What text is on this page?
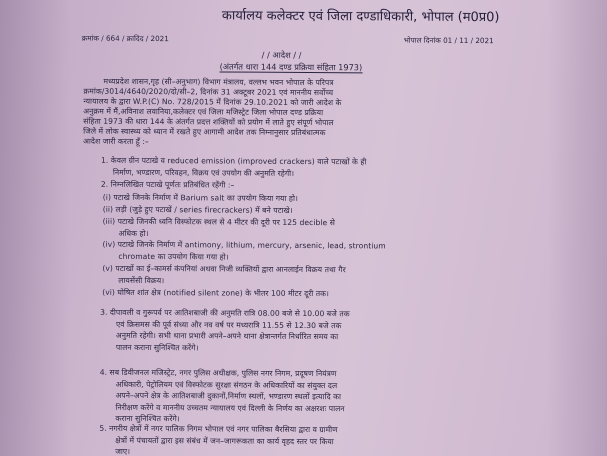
कार्यालय कलेक्टर एवं जिला दण्डाधिकारी, भोपाल (म0प्र0)
क्रमांक / 664 / क्रादिद / 2021	भोपाल दिनांक 01 / 11 / 2021
/ / आदेश / /
(अंतर्गत धारा 144 दण्ड प्रक्रिया संहिता 1973)
मध्यप्रदेश शासन,गृह (सी–अनुभाग) विभाग मंत्रालय, वल्लभ भवन भोपाल के परिपत्र
क्रमांक/3014/4640/2020/दो/सी–2, दिनांक 31 अक्टूबर 2021 एवं माननीय सर्वोच्च
न्यायालय के द्वारा W.P.(C) No. 728/2015 में दिनांक 29.10.2021 को जारी आदेश के
अनुक्रम में मैं,अविनाश लवानिया,कलेक्टर एवं जिला मजिस्ट्रेट जिला भोपाल दण्ड प्रक्रिया
संहिता 1973 की धारा 144 के अंतर्गत प्रदत्त शक्तियों को प्रयोग में लाते हुए संपूर्ण भोपाल
जिले में लोक स्वास्थ्य को ध्यान में रखते हुए आगामी आदेश तक निम्नानुसार प्रतिबंधात्मक
आदेश जारी करता हूँ :–
1. केवल ग्रीन पटाखे व reduced emission (improved crackers) वाले पटाखों के ही
निर्माण, भण्डारण, परिवहन, विक्रय एवं उपयोग की अनुमति रहेगी।
2. निम्नलिखित पटाखे पूर्णतः प्रतिबंधित रहेंगी :–
(i) पटाखे जिनके निर्माण में Barium salt का उपयोग किया गया हो।
(ii) लड़ी (जुड़े हुए पटाखें / series firecrackers) में बने पटाखे।
(iii) पटाखे जिनकी ध्वनि विस्फोटक स्थल से 4 मीटर की दूरी पर 125 decible से
अधिक हो।
(iv) पटाखे जिनके निर्माण में antimony, lithium, mercury, arsenic, lead, strontium
chromate का उपयोग किया गया हो।
(v) पटाखों का ई–कामर्स कंपनियां अथवा निजी व्यक्तियों द्वारा आनलाईन विक्रय तथा गैर
लायसेंसी विक्रय।
(vi) घोषित शांत क्षेत्र (notified silent zone) के भीतर 100 मीटर दूरी तक।
3. दीपावली व गुरूपर्व पर आतिशबाजी की अनुमति रात्रि 08.00 बजे से 10.00 बजे तक
एवं क्रिसमस की पूर्व संध्या और नव वर्ष पर मध्यरात्रि 11.55 से 12.30 बजे तक
अनुमति रहेगी। सभी थाना प्रभारी अपने–अपने थाना क्षेत्रान्तर्गत निर्धारित समय का
पालन कराना सुनिश्चित करेंगे।
4. सब डिवीजनल मजिस्ट्रेट, नगर पुलिस अधीक्षक, पुलिस नगर निगम, प्रदूषण नियंत्रण
अधिकारी, पेट्रोलियम एवं विस्फोटक सुरक्षा संगठन के अधिकारियों का संयुक्त दल
अपने–अपने क्षेत्र के आतिशबाजी दुकानों,निर्माण स्थलों, भण्डारण स्थलों इत्यादि का
निरीक्षण करेंगे व माननीय उच्चतम न्यायालय एवं दिल्ली के निर्णय का अक्षरशः पालन
कराना सुनिश्चित करेंगे।
5. नगरीय क्षेत्रों में नगर पालिक निगम भोपाल एवं नगर पालिका बैरसिया द्वारा व ग्रामीण
क्षेत्रों में पंचायतों द्वारा इस संबंध में जन–जागरूकता का कार्य वृहद स्तर पर किया
जाए।
